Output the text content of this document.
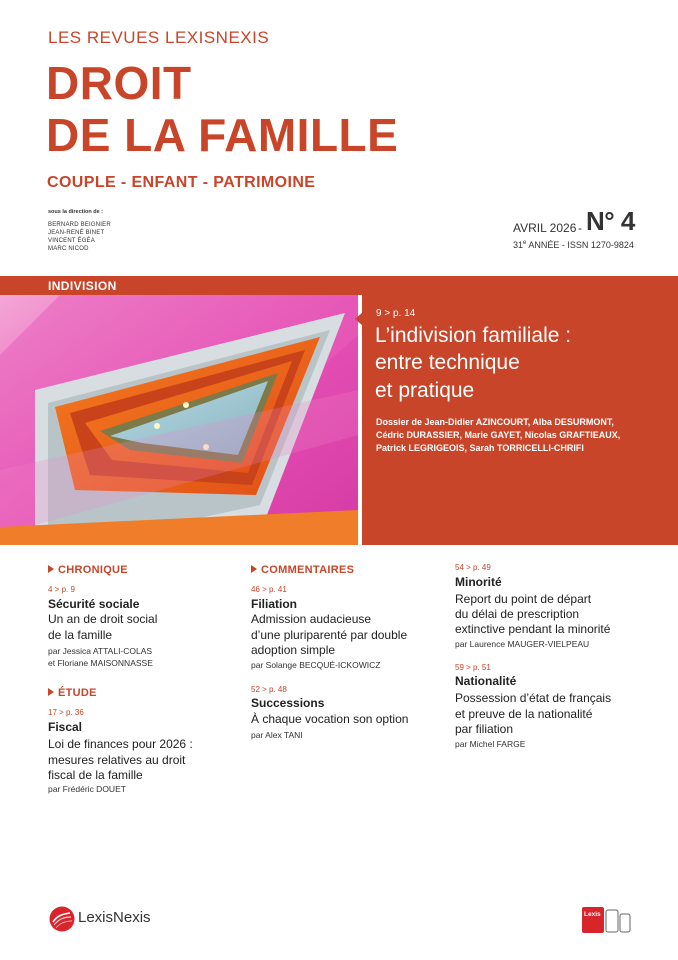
LES REVUES LEXISNEXIS
DROIT
DE LA FAMILLE
COUPLE - ENFANT - PATRIMOINE
sous la direction de :
BERNARD BEIGNIER
JEAN-RENÉ BINET
VINCENT ÉGÉA
MARC NICOD
AVRIL 2026 - N° 4
31e ANNÉE - ISSN 1270-9824
INDIVISION
9 > p. 14
L’indivision familiale :
entre technique
et pratique
Dossier de Jean-Didier AZINCOURT, Alba DESURMONT,
Cédric DURASSIER, Marie GAYET, Nicolas GRAFTIEAUX,
Patrick LEGRIGEOIS, Sarah TORRICELLI-CHRIFI
CHRONIQUE
4 > p. 9
Sécurité sociale
Un an de droit social
de la famille
par Jessica ATTALI-COLAS
et Floriane MAISONNASSE
ÉTUDE
17 > p. 36
Fiscal
Loi de finances pour 2026 :
mesures relatives au droit
fiscal de la famille
par Frédéric DOUET
COMMENTAIRES
46 > p. 41
Filiation
Admission audacieuse
d’une pluriparenté par double
adoption simple
par Solange BECQUÉ-ICKOWICZ
52 > p. 48
Successions
À chaque vocation son option
par Alex TANI
54 > p. 49
Minorité
Report du point de départ
du délai de prescription
extinctive pendant la minorité
par Laurence MAUGER-VIELPEAU
59 > p. 51
Nationalité
Possession d’état de français
et preuve de la nationalité
par filiation
par Michel FARGE
LexisNexis	Lexis
